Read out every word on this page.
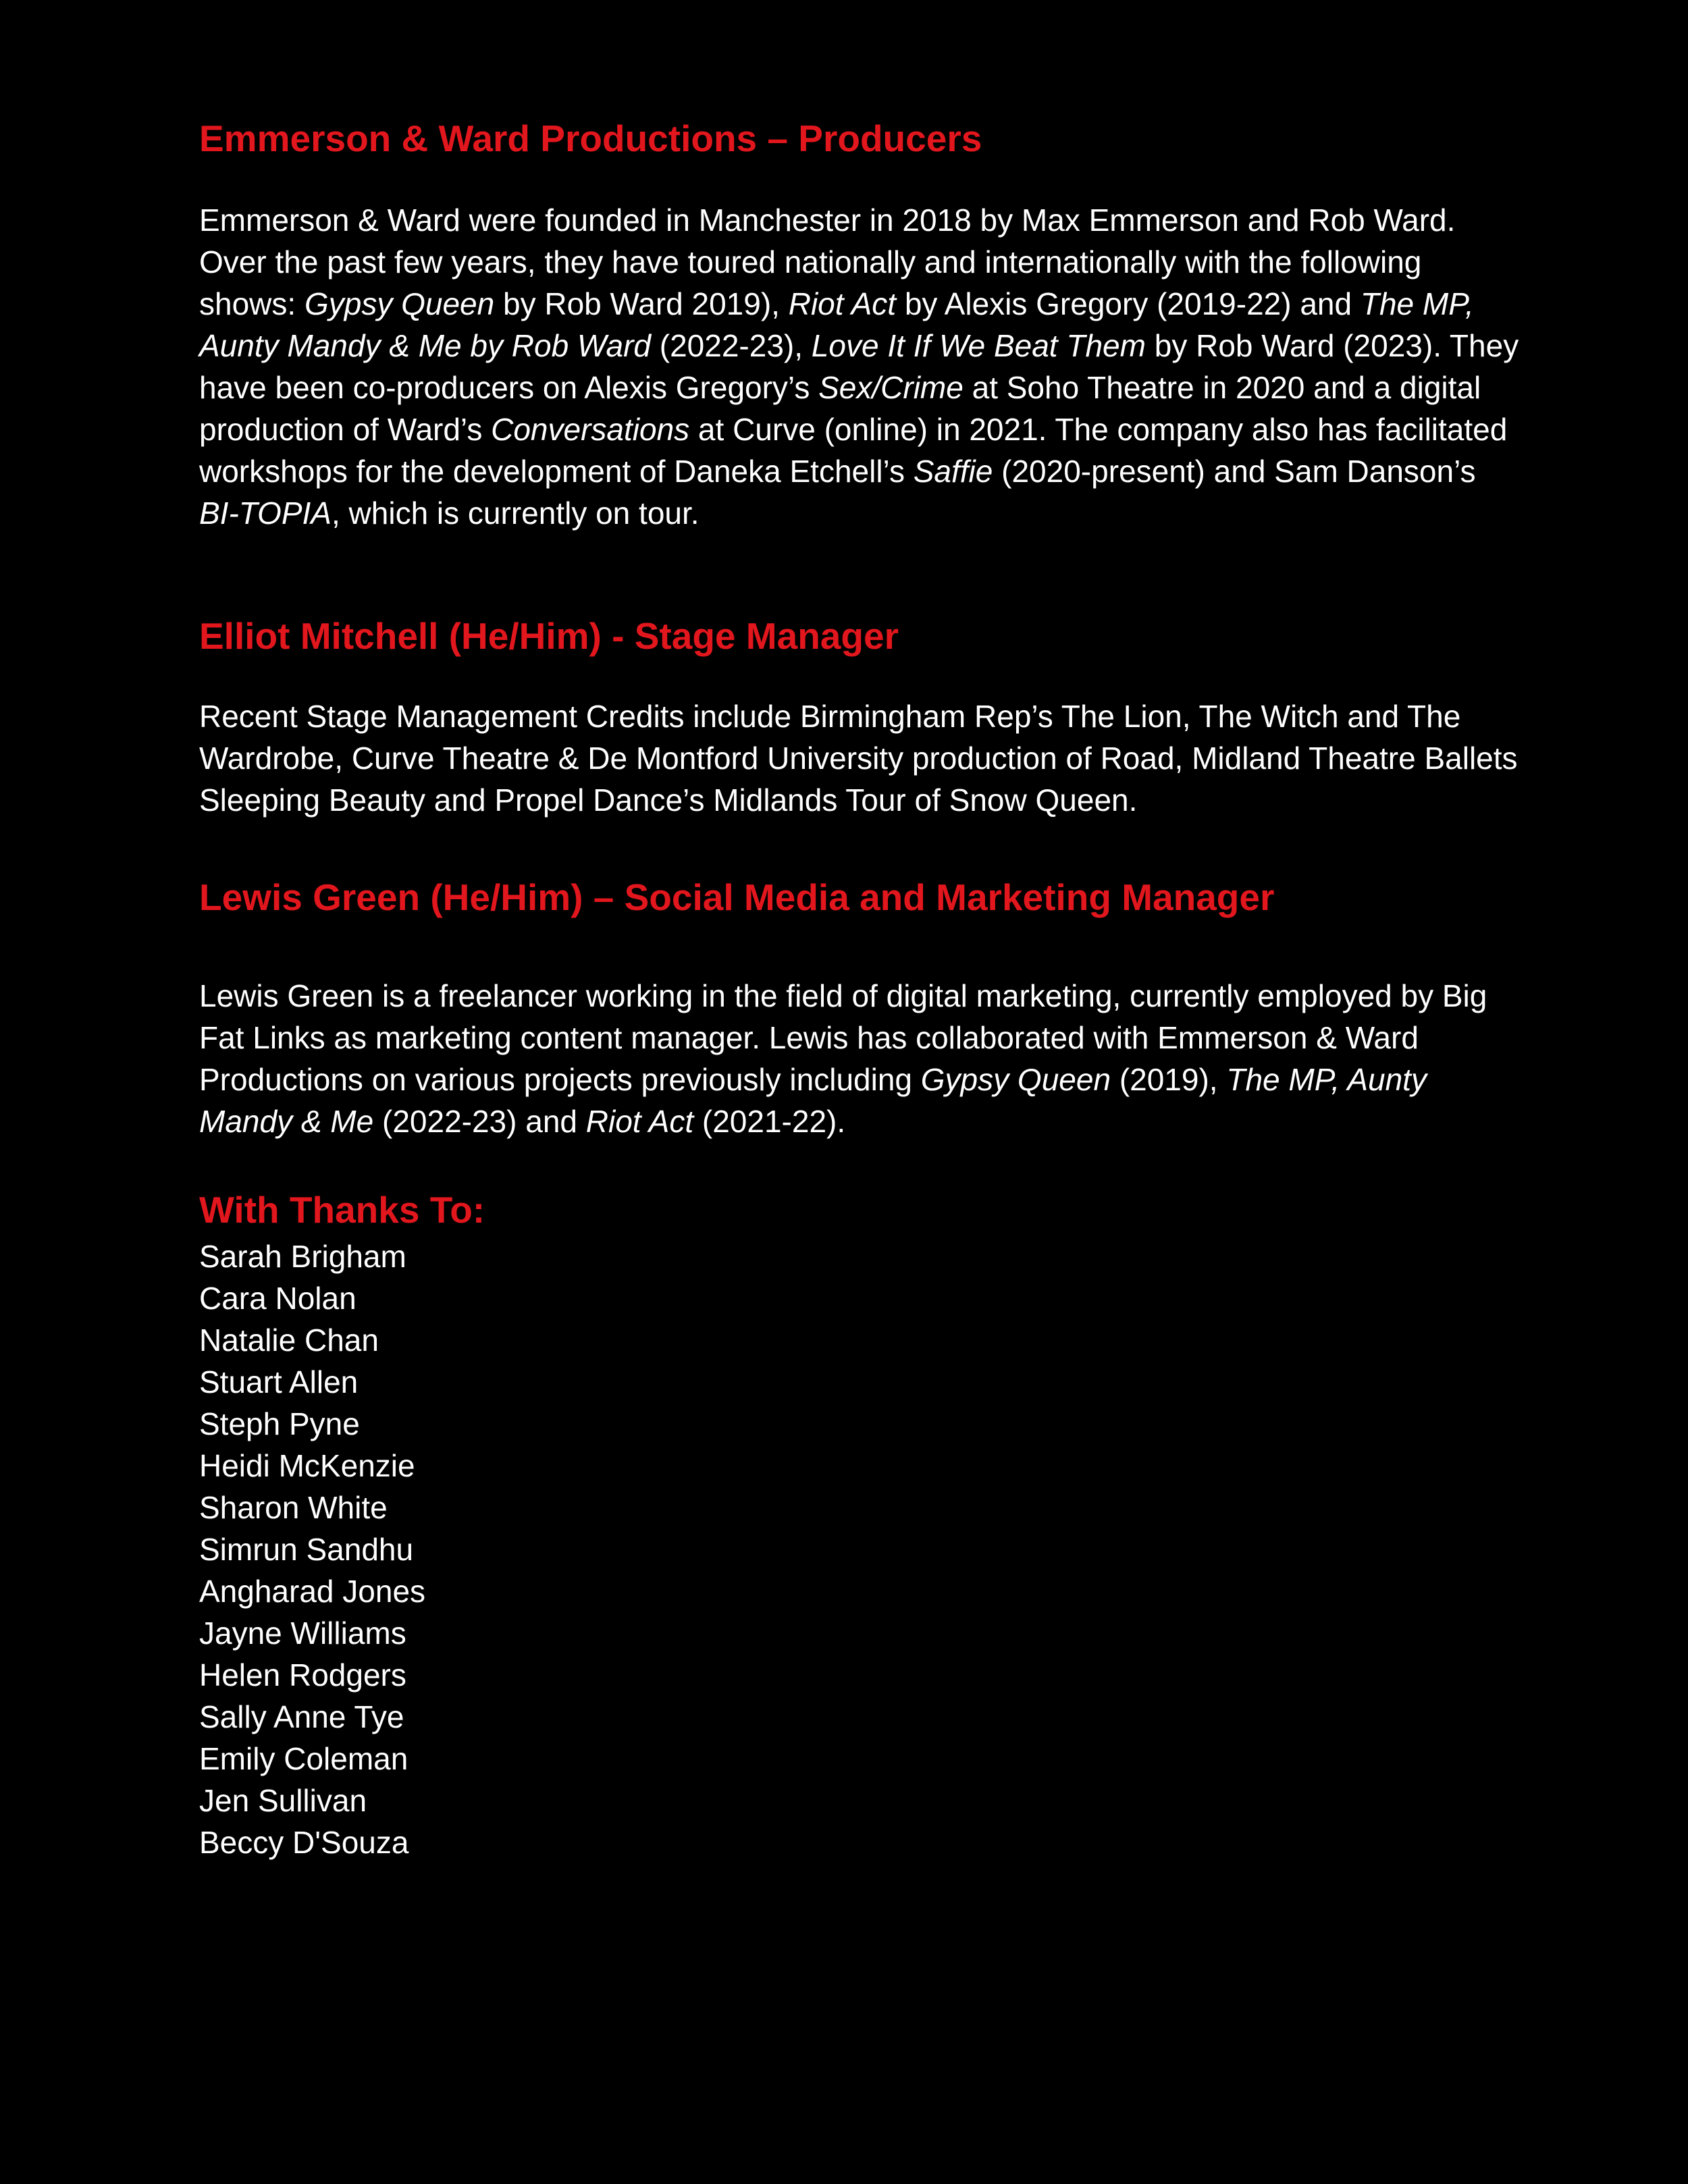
Emmerson & Ward Productions – Producers

Emmerson & Ward were founded in Manchester in 2018 by Max Emmerson and Rob Ward. Over the past few years, they have toured nationally and internationally with the following shows: Gypsy Queen by Rob Ward 2019), Riot Act by Alexis Gregory (2019-22) and The MP, Aunty Mandy & Me by Rob Ward (2022-23), Love It If We Beat Them by Rob Ward (2023). They have been co-producers on Alexis Gregory’s Sex/Crime at Soho Theatre in 2020 and a digital production of Ward’s Conversations at Curve (online) in 2021. The company also has facilitated workshops for the development of Daneka Etchell’s Saffie (2020-present) and Sam Danson’s BI-TOPIA, which is currently on tour.

Elliot Mitchell (He/Him) - Stage Manager

Recent Stage Management Credits include Birmingham Rep’s The Lion, The Witch and The Wardrobe, Curve Theatre & De Montford University production of Road, Midland Theatre Ballets Sleeping Beauty and Propel Dance’s Midlands Tour of Snow Queen.

Lewis Green (He/Him) – Social Media and Marketing Manager

Lewis Green is a freelancer working in the field of digital marketing, currently employed by Big Fat Links as marketing content manager. Lewis has collaborated with Emmerson & Ward Productions on various projects previously including Gypsy Queen (2019), The MP, Aunty Mandy & Me (2022-23) and Riot Act (2021-22).

With Thanks To:
Sarah Brigham
Cara Nolan
Natalie Chan
Stuart Allen
Steph Pyne
Heidi McKenzie
Sharon White
Simrun Sandhu
Angharad Jones
Jayne Williams
Helen Rodgers
Sally Anne Tye
Emily Coleman
Jen Sullivan
Beccy D'Souza
